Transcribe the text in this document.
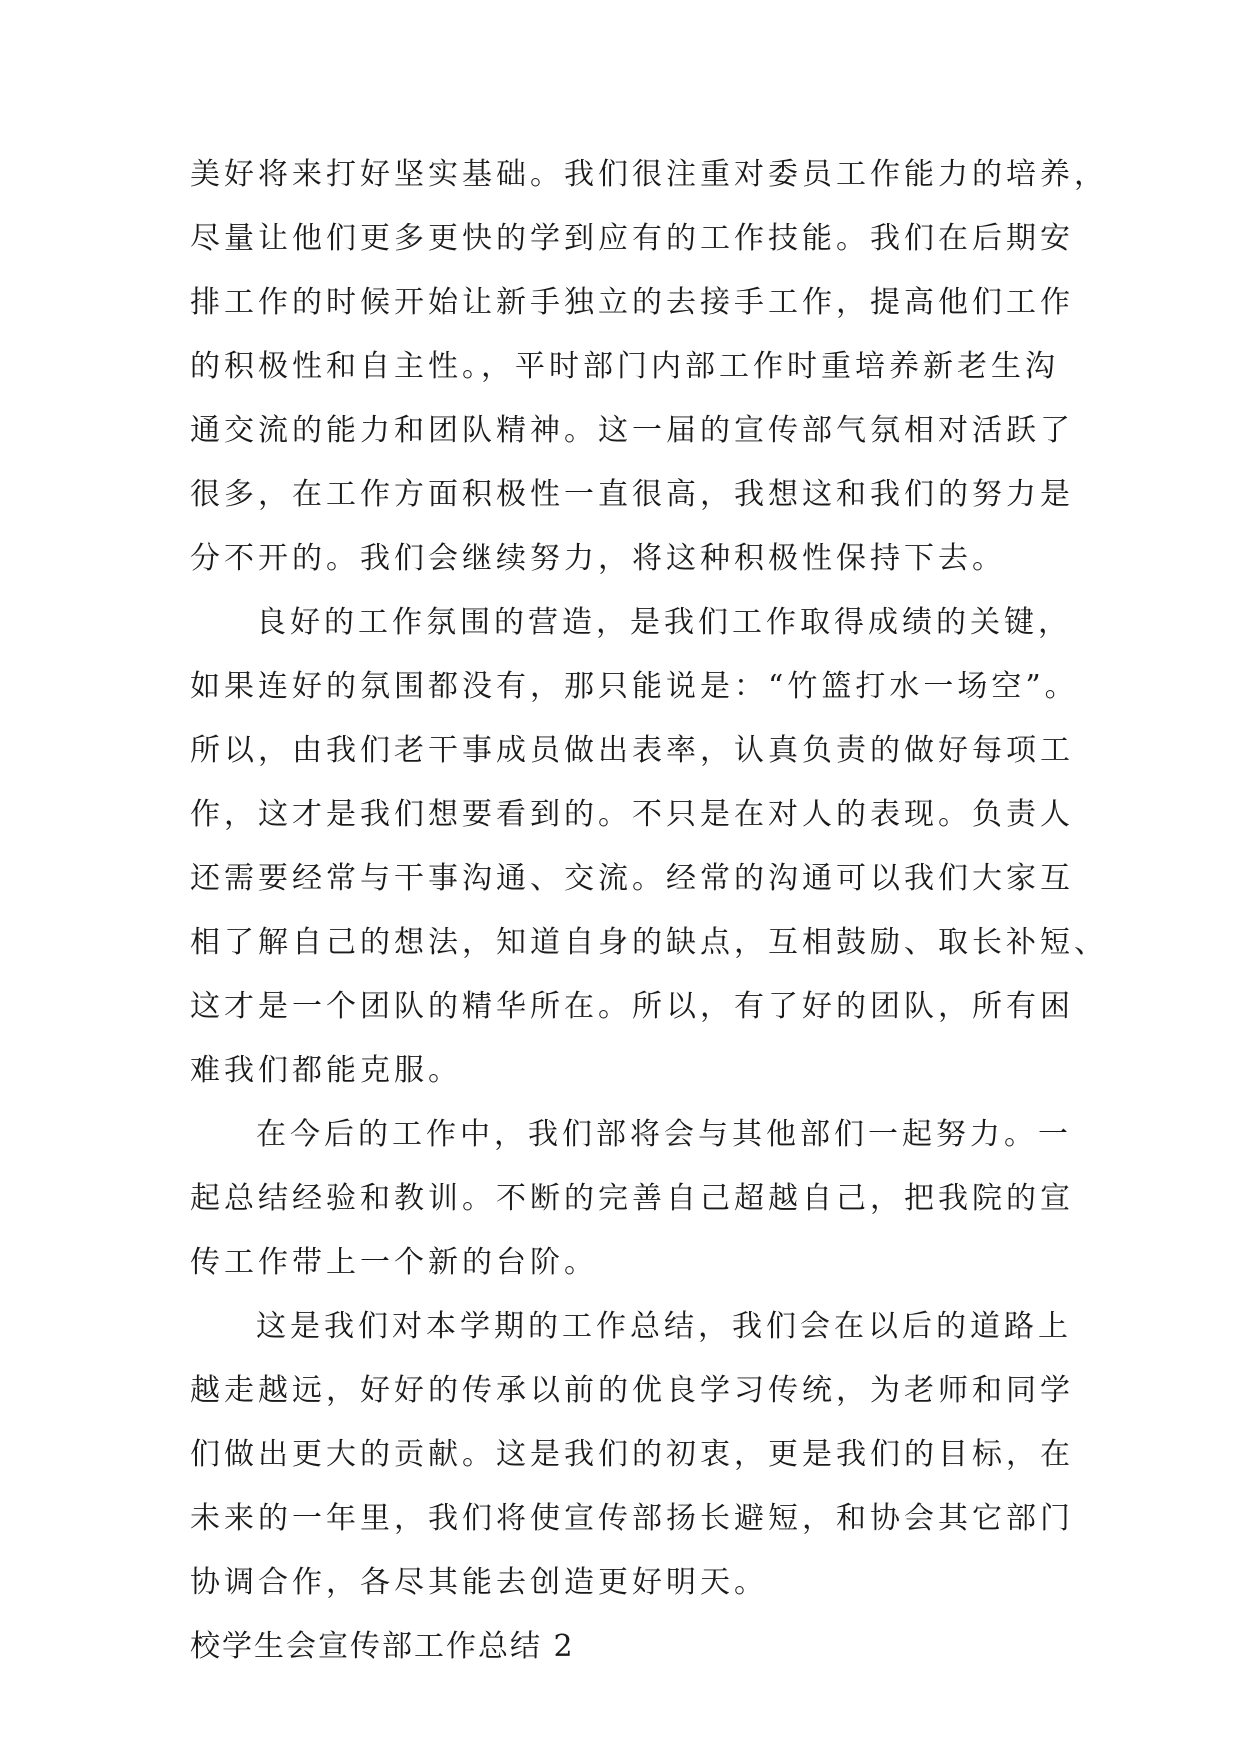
美好将来打好坚实基础。我们很注重对委员工作能力的培养，
尽量让他们更多更快的学到应有的工作技能。我们在后期安
排工作的时候开始让新手独立的去接手工作，提高他们工作
的积极性和自主性。，平时部门内部工作时重培养新老生沟
通交流的能力和团队精神。这一届的宣传部气氛相对活跃了
很多，在工作方面积极性一直很高，我想这和我们的努力是
分不开的。我们会继续努力，将这种积极性保持下去。
良好的工作氛围的营造，是我们工作取得成绩的关键，
如果连好的氛围都没有，那只能说是：“竹篮打水一场空”。
所以，由我们老干事成员做出表率，认真负责的做好每项工
作，这才是我们想要看到的。不只是在对人的表现。负责人
还需要经常与干事沟通、交流。经常的沟通可以我们大家互
相了解自己的想法，知道自身的缺点，互相鼓励、取长补短、
这才是一个团队的精华所在。所以，有了好的团队，所有困
难我们都能克服。
在今后的工作中，我们部将会与其他部们一起努力。一
起总结经验和教训。不断的完善自己超越自己，把我院的宣
传工作带上一个新的台阶。
这是我们对本学期的工作总结，我们会在以后的道路上
越走越远，好好的传承以前的优良学习传统，为老师和同学
们做出更大的贡献。这是我们的初衷，更是我们的目标，在
未来的一年里，我们将使宣传部扬长避短，和协会其它部门
协调合作，各尽其能去创造更好明天。
校学生会宣传部工作总结 2
